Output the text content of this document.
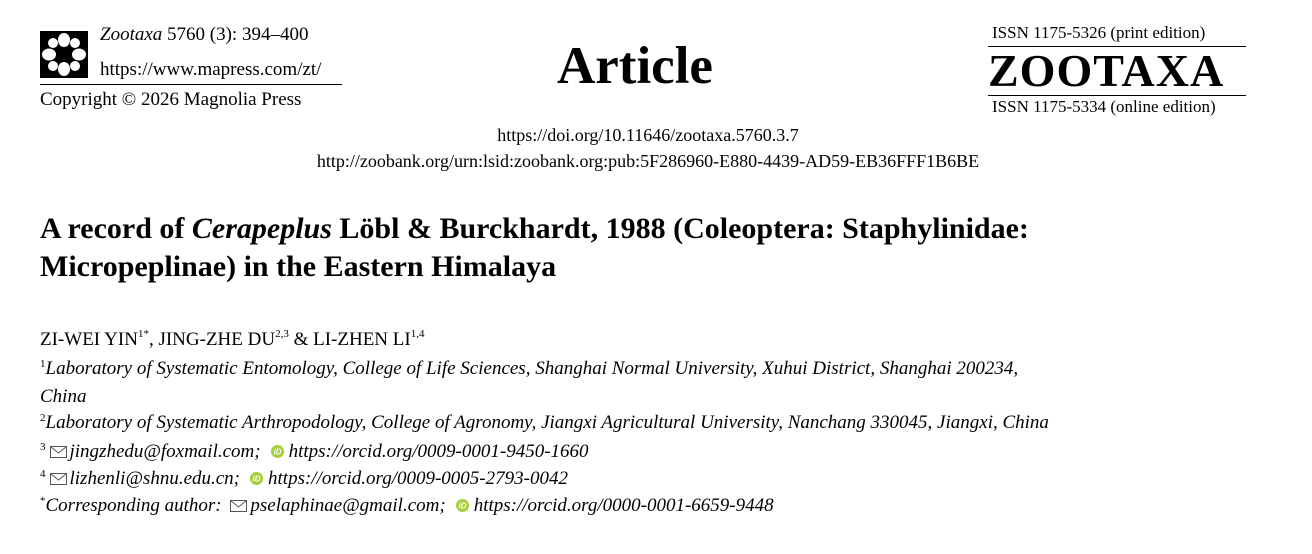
Zootaxa 5760 (3): 394–400
https://www.mapress.com/zt/
Copyright © 2026 Magnolia Press
Article
https://doi.org/10.11646/zootaxa.5760.3.7
http://zoobank.org/urn:lsid:zoobank.org:pub:5F286960-E880-4439-AD59-EB36FFF1B6BE
ISSN 1175-5326 (print edition)
ZOOTAXA
ISSN 1175-5334 (online edition)
A record of Cerapeplus Löbl & Burckhardt, 1988 (Coleoptera: Staphylinidae:
Micropeplinae) in the Eastern Himalaya
ZI-WEI $YIN^{1*}$, JING-ZHE DU$^{2,3}$ & LI-ZHEN LI$^{1,4}$
$^1$Laboratory of Systematic Entomology, College of Life Sciences, Shanghai Normal University, Xuhui District, Shanghai 200234,
China
$^2$Laboratory of Systematic Arthropodology, College of Agronomy, Jiangxi Agricultural University, Nanchang 330045, Jiangxi, China
$^3$ jingzhedu@foxmail.com; iD https://orcid.org/0009-0001-9450-1660
$^4$ lizhenli@shnu.edu.cn; iD https://orcid.org/0009-0005-2793-0042
*Corresponding author: pselaphinae@gmail.com; iD https://orcid.org/0000-0001-6659-9448
